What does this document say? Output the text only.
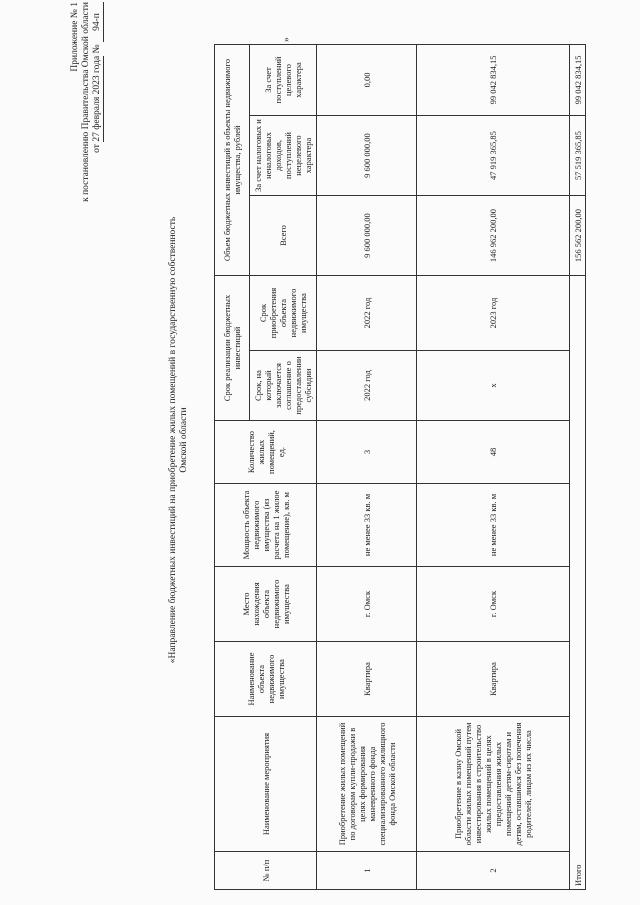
Приложение № 1 к постановлению Правительства Омской области от 27 февраля 2023 года № 94-п
«Направление бюджетных инвестиций на приобретение жилых помещений в государственную собственность Омской области
№ п/п	Наименование мероприятия	Наименование объекта недвижимого имущества	Место нахождения объекта недвижимого имущества	Мощность объекта недвижимого имущества (из расчета на 1 жилое помещение), кв. м	Количество жилых помещений, ед.	Срок реализации бюджетных инвестиций		Объем бюджетных инвестиций в объекты недвижимого имущества, рублей		
						Срок, на который заключается соглашение о предоставлении субсидии	Срок приобретения объекта недвижимого имущества	Всего	За счет налоговых и неналоговых доходов, поступлений нецелевого характера	За счет поступлений целевого характера
1	Приобретение жилых помещений по договорам купли-продажи в целях формирования маневренного фонда специализированного жилищного фонда Омской области	Квартира	г. Омск	не менее 33 кв. м	3	2022 год	2022 год	9 600 000,00	9 600 000,00	0,00
2	Приобретение в казну Омской области жилых помещений путем инвестирования в строительство жилых помещений в целях предоставления жилых помещений детям-сиротам и детям, оставшимся без попечения родителей, лицам из их числа	Квартира	г. Омск	не менее 33 кв. м	48	х	2023 год	146 962 200,00	47 919 365,85	99 042 834,15
Итого								156 562 200,00	57 519 365,85	99 042 834,15
»
